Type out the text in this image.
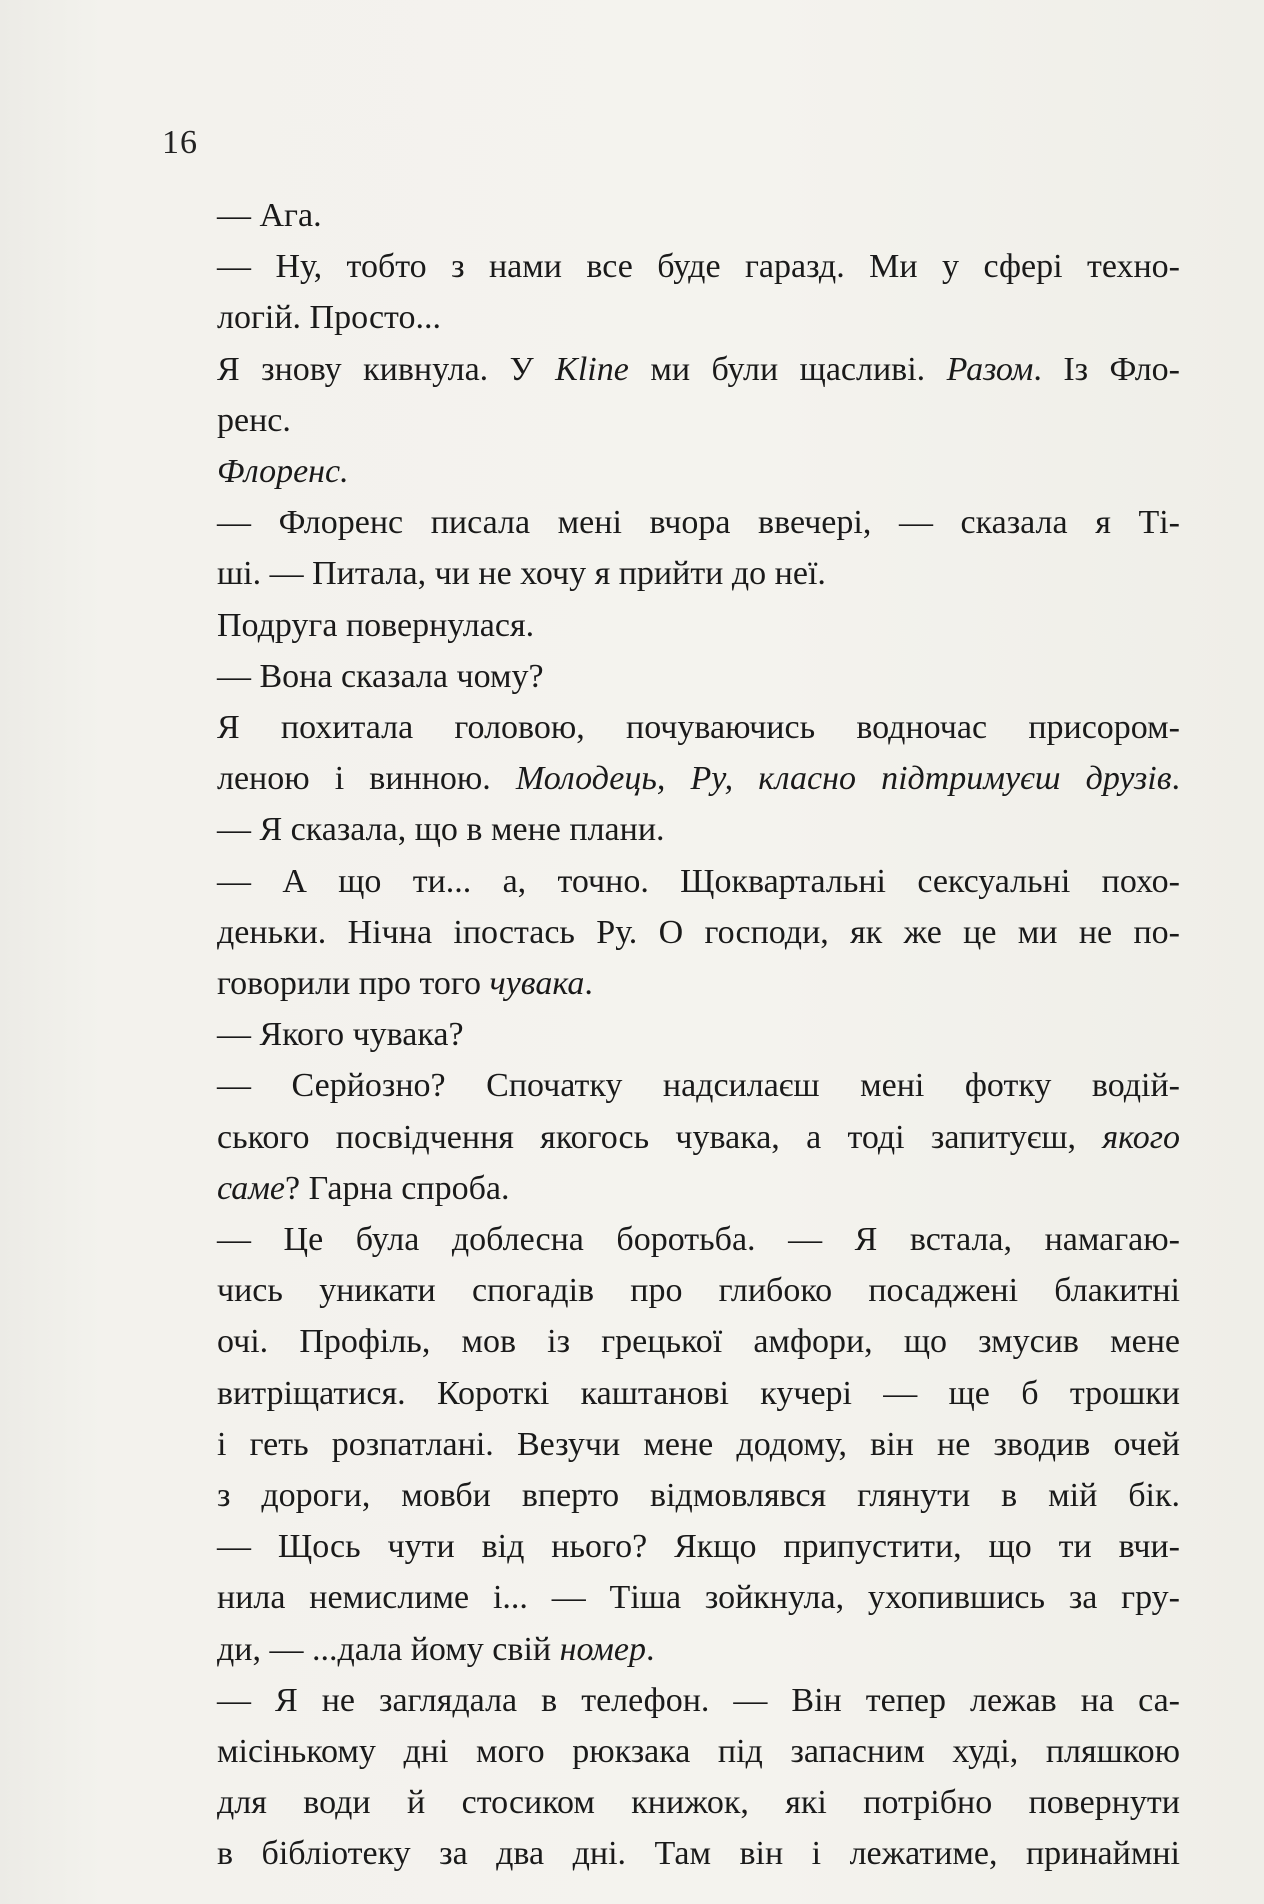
16
— Ага.
— Ну, тобто з нами все буде гаразд. Ми у сфері техно-
логій. Просто...
Я знову кивнула. У Kline ми були щасливі. Разом. Із Фло-
ренс.
Флоренс.
— Флоренс писала мені вчора ввечері, — сказала я Ті-
ші. — Питала, чи не хочу я прийти до неї.
Подруга повернулася.
— Вона сказала чому?
Я похитала головою, почуваючись водночас присором-
леною і винною. Молодець, Ру, класно підтримуєш друзів.
— Я сказала, що в мене плани.
— А що ти... а, точно. Щоквартальні сексуальні похо-
деньки. Нічна іпостась Ру. О господи, як же це ми не по-
говорили про того чувака.
— Якого чувака?
— Серйозно? Спочатку надсилаєш мені фотку водій-
ського посвідчення якогось чувака, а тоді запитуєш, якого
саме? Гарна спроба.
— Це була доблесна боротьба. — Я встала, намагаю-
чись уникати спогадів про глибоко посаджені блакитні
очі. Профіль, мов із грецької амфори, що змусив мене
витріщатися. Короткі каштанові кучері — ще б трошки
і геть розпатлані. Везучи мене додому, він не зводив очей
з дороги, мовби вперто відмовлявся глянути в мій бік.
— Щось чути від нього? Якщо припустити, що ти вчи-
нила немислиме і... — Тіша зойкнула, ухопившись за гру-
ди, — ...дала йому свій номер.
— Я не заглядала в телефон. — Він тепер лежав на са-
місінькому дні мого рюкзака під запасним худі, пляшкою
для води й стосиком книжок, які потрібно повернути
в бібліотеку за два дні. Там він і лежатиме, принаймні
